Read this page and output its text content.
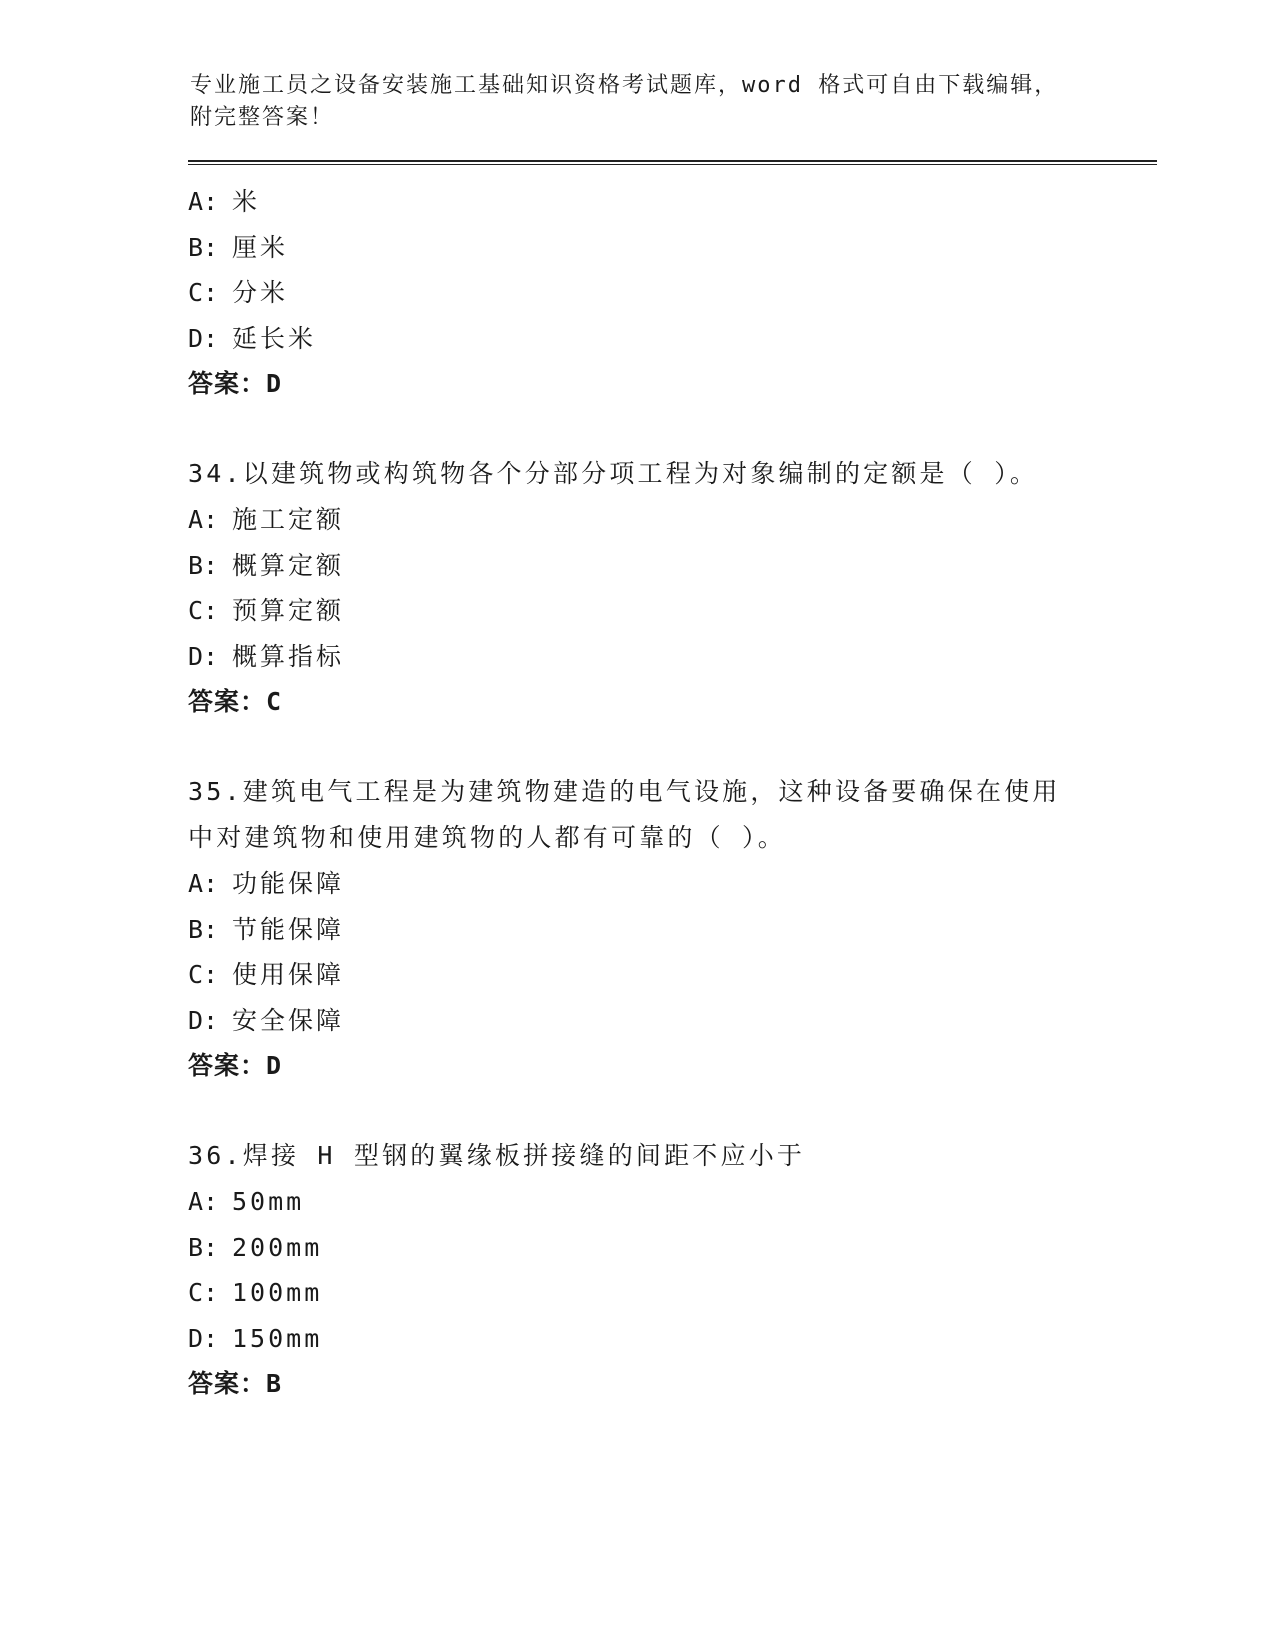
专业施工员之设备安装施工基础知识资格考试题库，word 格式可自由下载编辑，
附完整答案！
A: 米
B: 厘米
C: 分米
D: 延长米
答案：D
34.以建筑物或构筑物各个分部分项工程为对象编制的定额是（ ）。
A: 施工定额
B: 概算定额
C: 预算定额
D: 概算指标
答案：C
35.建筑电气工程是为建筑物建造的电气设施，这种设备要确保在使用
中对建筑物和使用建筑物的人都有可靠的（ ）。
A: 功能保障
B: 节能保障
C: 使用保障
D: 安全保障
答案：D
36.焊接 H 型钢的翼缘板拼接缝的间距不应小于
A: 50mm
B: 200mm
C: 100mm
D: 150mm
答案：B
